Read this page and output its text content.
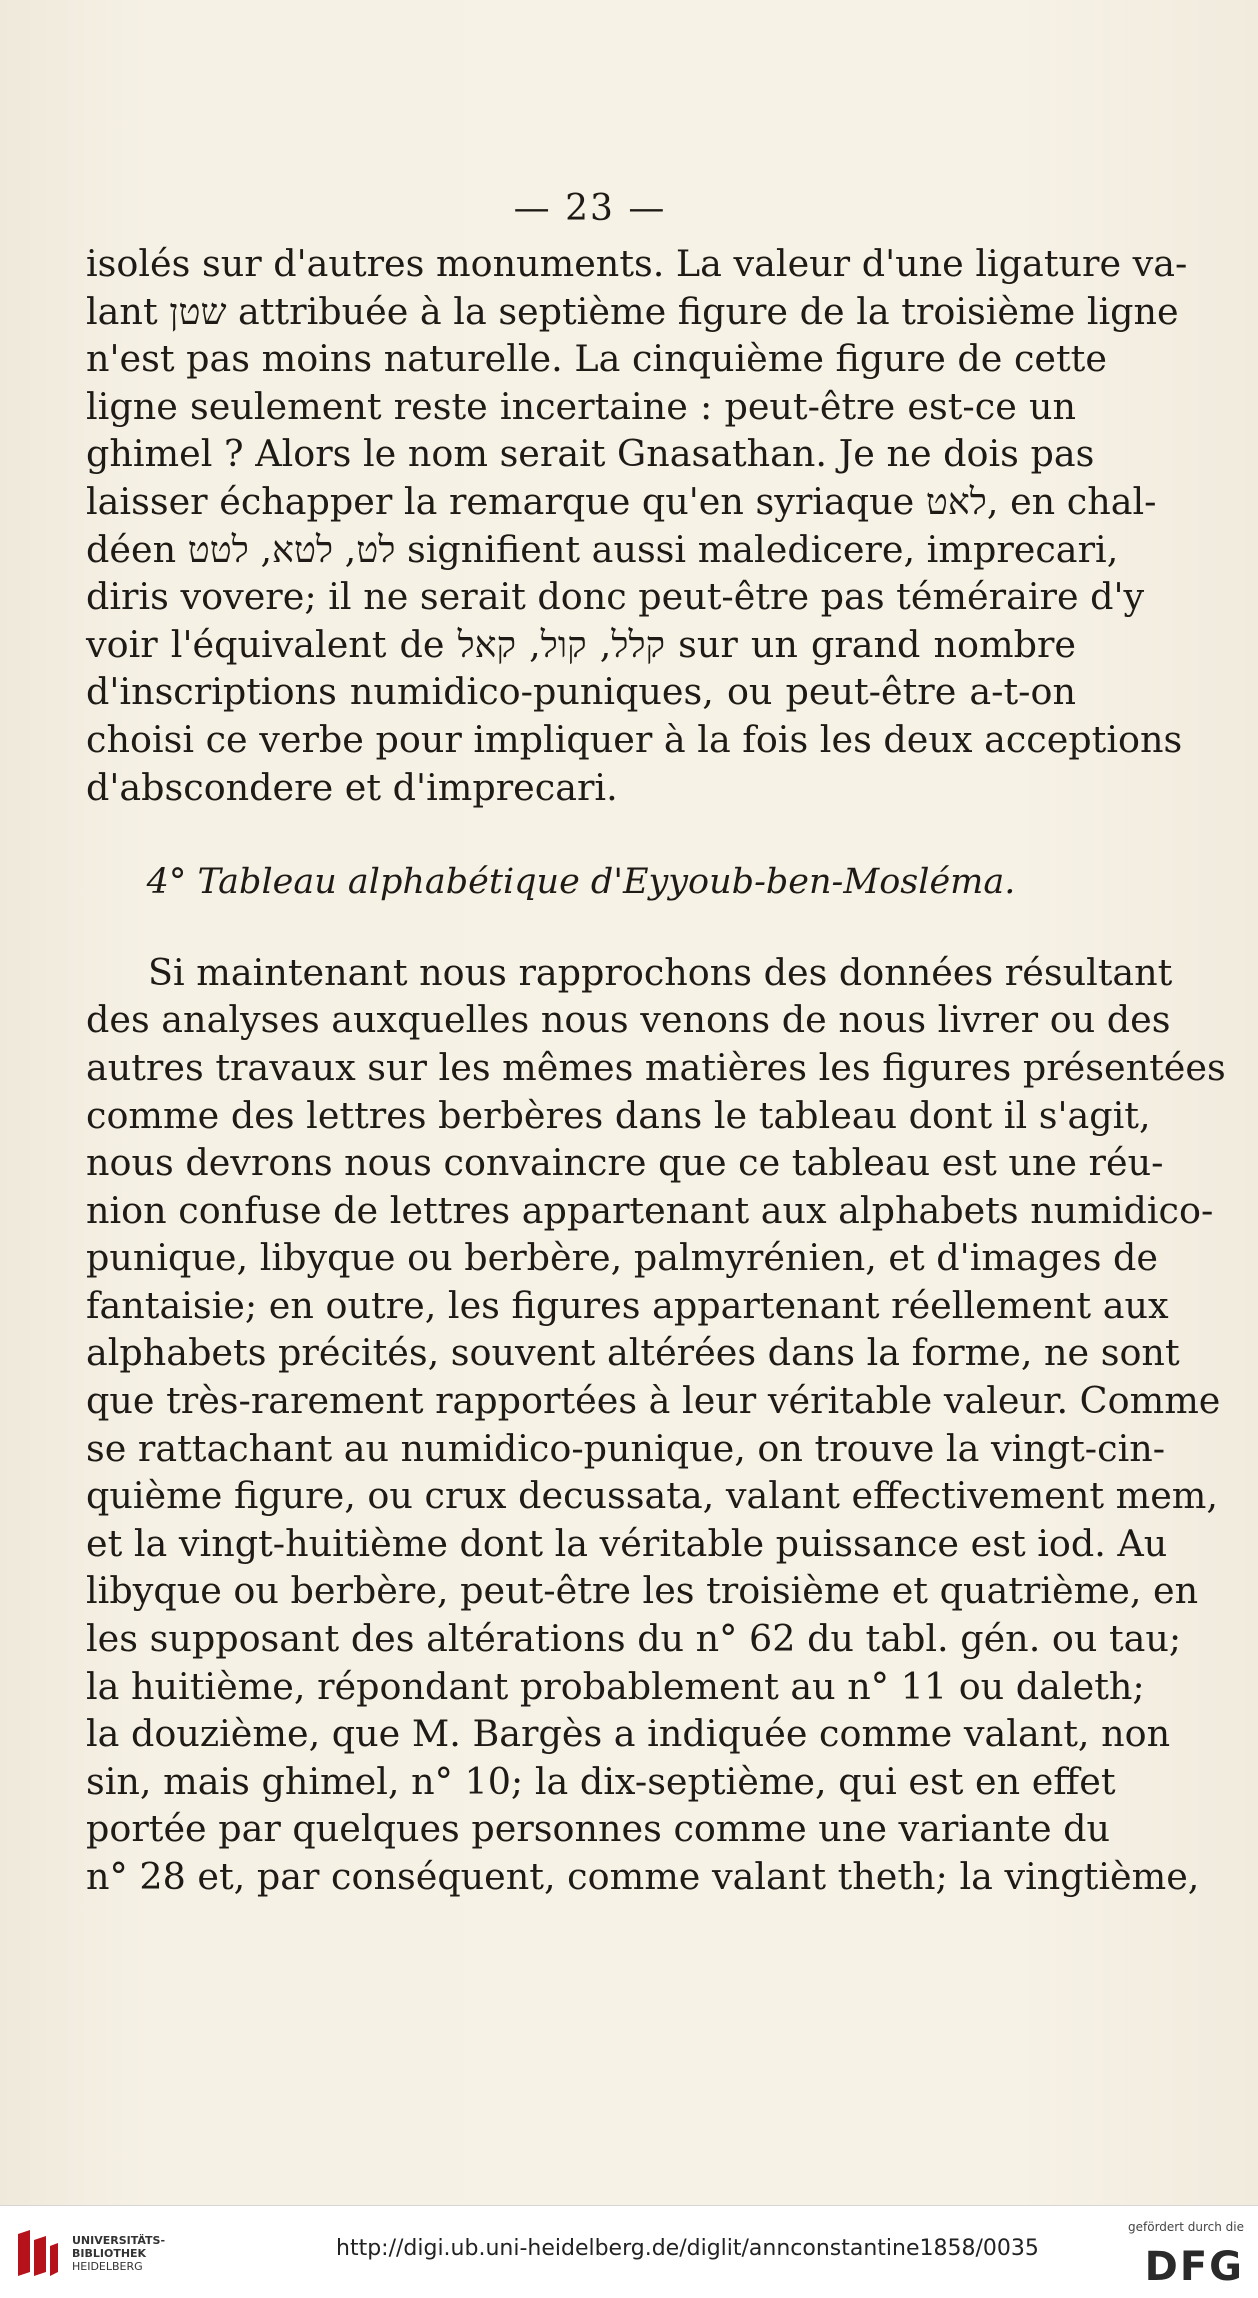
— 23 —
isolés sur d'autres monuments. La valeur d'une ligature va-
lant שטן attribuée à la septième figure de la troisième ligne
n'est pas moins naturelle. La cinquième figure de cette
ligne seulement reste incertaine : peut-être est-ce un
ghimel ? Alors le nom serait Gnasathan. Je ne dois pas
laisser échapper la remarque qu'en syriaque לאט, en chal-
déen לט, לטא, לטט signifient aussi maledicere, imprecari,
diris vovere; il ne serait donc peut-être pas téméraire d'y
voir l'équivalent de קלל, קול, קאל sur un grand nombre
d'inscriptions numidico-puniques, ou peut-être a-t-on
choisi ce verbe pour impliquer à la fois les deux acceptions
d'abscondere et d'imprecari.
4° Tableau alphabétique d'Eyyoub-ben-Mosléma.
Si maintenant nous rapprochons des données résultant
des analyses auxquelles nous venons de nous livrer ou des
autres travaux sur les mêmes matières les figures présentées
comme des lettres berbères dans le tableau dont il s'agit,
nous devrons nous convaincre que ce tableau est une réu-
nion confuse de lettres appartenant aux alphabets numidico-
punique, libyque ou berbère, palmyrénien, et d'images de
fantaisie; en outre, les figures appartenant réellement aux
alphabets précités, souvent altérées dans la forme, ne sont
que très-rarement rapportées à leur véritable valeur. Comme
se rattachant au numidico-punique, on trouve la vingt-cin-
quième figure, ou crux decussata, valant effectivement mem,
et la vingt-huitième dont la véritable puissance est iod. Au
libyque ou berbère, peut-être les troisième et quatrième, en
les supposant des altérations du n° 62 du tabl. gén. ou tau;
la huitième, répondant probablement au n° 11 ou daleth;
la douzième, que M. Bargès a indiquée comme valant, non
sin, mais ghimel, n° 10; la dix-septième, qui est en effet
portée par quelques personnes comme une variante du
n° 28 et, par conséquent, comme valant theth; la vingtième,
UNIVERSITÄTS-
BIBLIOTHEK
HEIDELBERG
http://digi.ub.uni-heidelberg.de/diglit/annconstantine1858/0035
gefördert durch die
DFG
